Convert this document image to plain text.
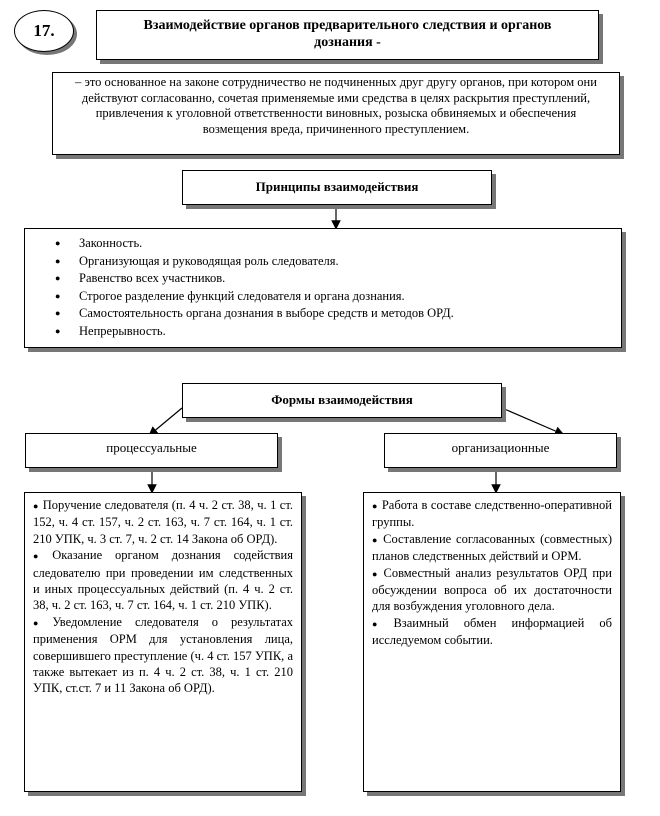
17.	Взаимодействие органов предварительного следствия и органов дознания -
– это основанное на законе сотрудничество не подчиненных друг другу органов, при котором они действуют согласованно, сочетая применяемые ими средства в целях раскрытия преступлений, привлечения к уголовной ответственности виновных, розыска обвиняемых и обеспечения возмещения вреда, причиненного преступлением.
Принципы взаимодействия
● Законность.
● Организующая и руководящая роль следователя.
● Равенство всех участников.
● Строгое разделение функций следователя и органа дознания.
● Самостоятельность органа дознания в выборе средств и методов ОРД.
● Непрерывность.
Формы взаимодействия
процессуальные	организационные

● Поручение следователя (п. 4 ч. 2 ст. 38, ч. 1 ст. 152, ч. 4 ст. 157, ч. 2 ст. 163, ч. 7 ст. 164, ч. 1 ст. 210 УПК, ч. 3 ст. 7, ч. 2 ст. 14 Закона об ОРД).

● Оказание органом дознания содействия следователю при проведении им следственных и иных процессуальных действий (п. 4 ч. 2 ст. 38, ч. 2 ст. 163, ч. 7 ст. 164, ч. 1 ст. 210 УПК).

● Уведомление следователя о результатах применения ОРМ для установления лица, совершившего преступление (ч. 4 ст. 157 УПК, а также вытекает из п. 4 ч. 2 ст. 38, ч. 1 ст. 210 УПК, ст.ст. 7 и 11 Закона об ОРД).

● Работа в составе следственно-оперативной группы.

● Составление согласованных (совместных) планов следственных действий и ОРМ.

● Совместный анализ результатов ОРД при обсуждении вопроса об их достаточности для возбуждения уголовного дела.

● Взаимный обмен информацией об исследуемом событии.
